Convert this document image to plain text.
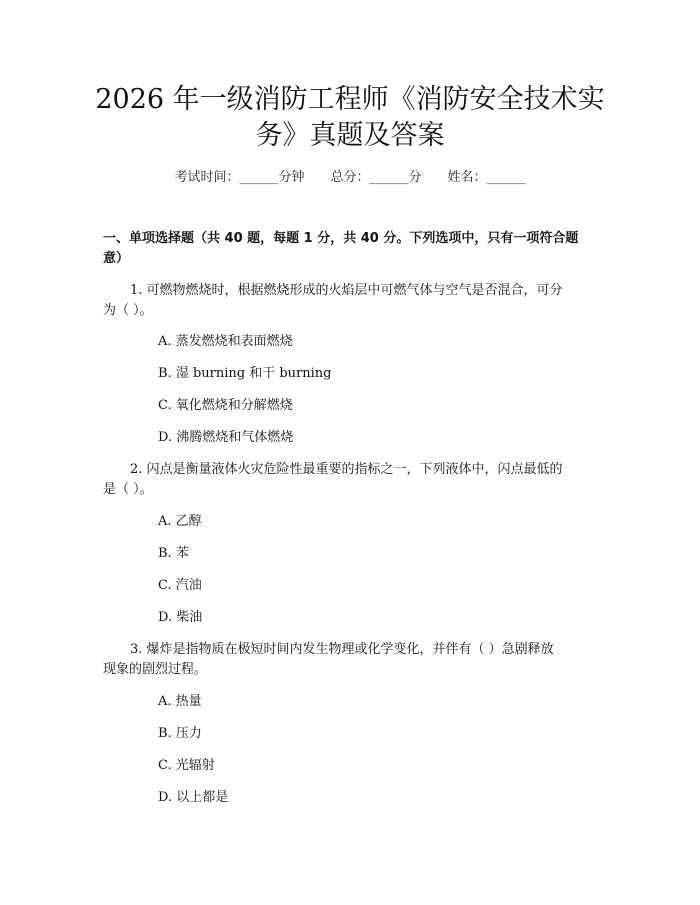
2026 年一级消防工程师《消防安全技术实
务》真题及答案
考试时间：______分钟 总分：______分 姓名：______
一、单项选择题（共 40 题，每题 1 分，共 40 分。下列选项中，只有一项符合题
意）
1. 可燃物燃烧时，根据燃烧形成的火焰层中可燃气体与空气是否混合，可分
为（ ）。
A. 蒸发燃烧和表面燃烧
B. 湿 burning 和干 burning
C. 氧化燃烧和分解燃烧
D. 沸腾燃烧和气体燃烧
2. 闪点是衡量液体火灾危险性最重要的指标之一，下列液体中，闪点最低的
是（ ）。
A. 乙醇
B. 苯
C. 汽油
D. 柴油
3. 爆炸是指物质在极短时间内发生物理或化学变化，并伴有（ ）急剧释放
现象的剧烈过程。
A. 热量
B. 压力
C. 光辐射
D. 以上都是
